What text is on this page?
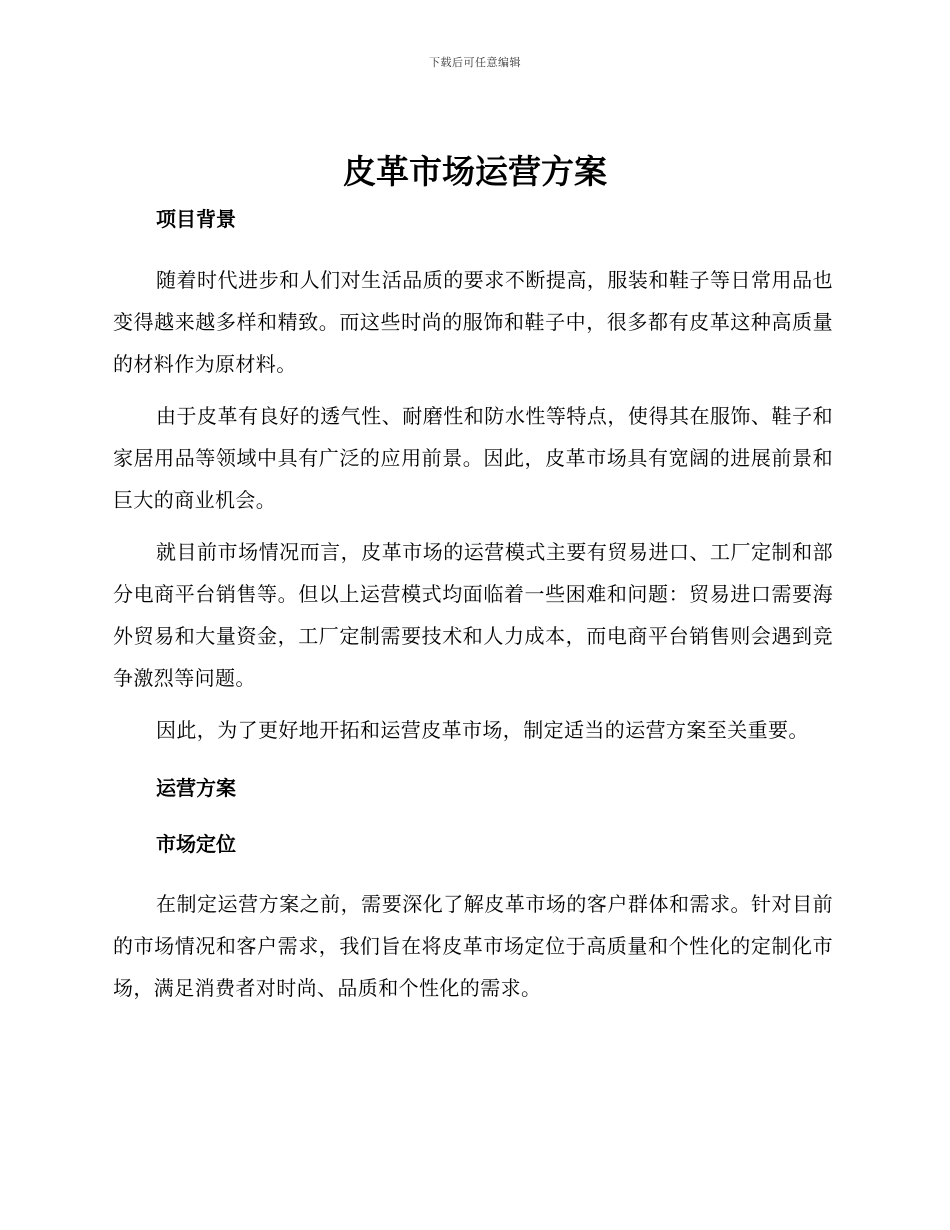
下载后可任意编辑
皮革市场运营方案
项目背景

随着时代进步和人们对生活品质的要求不断提高，服装和鞋子等日常用品也变得越来越多样和精致。而这些时尚的服饰和鞋子中，很多都有皮革这种高质量的材料作为原材料。

由于皮革有良好的透气性、耐磨性和防水性等特点，使得其在服饰、鞋子和家居用品等领域中具有广泛的应用前景。因此，皮革市场具有宽阔的进展前景和巨大的商业机会。

就目前市场情况而言，皮革市场的运营模式主要有贸易进口、工厂定制和部分电商平台销售等。但以上运营模式均面临着一些困难和问题：贸易进口需要海外贸易和大量资金，工厂定制需要技术和人力成本，而电商平台销售则会遇到竞争激烈等问题。

因此，为了更好地开拓和运营皮革市场，制定适当的运营方案至关重要。

运营方案
市场定位

在制定运营方案之前，需要深化了解皮革市场的客户群体和需求。针对目前的市场情况和客户需求，我们旨在将皮革市场定位于高质量和个性化的定制化市场，满足消费者对时尚、品质和个性化的需求。
